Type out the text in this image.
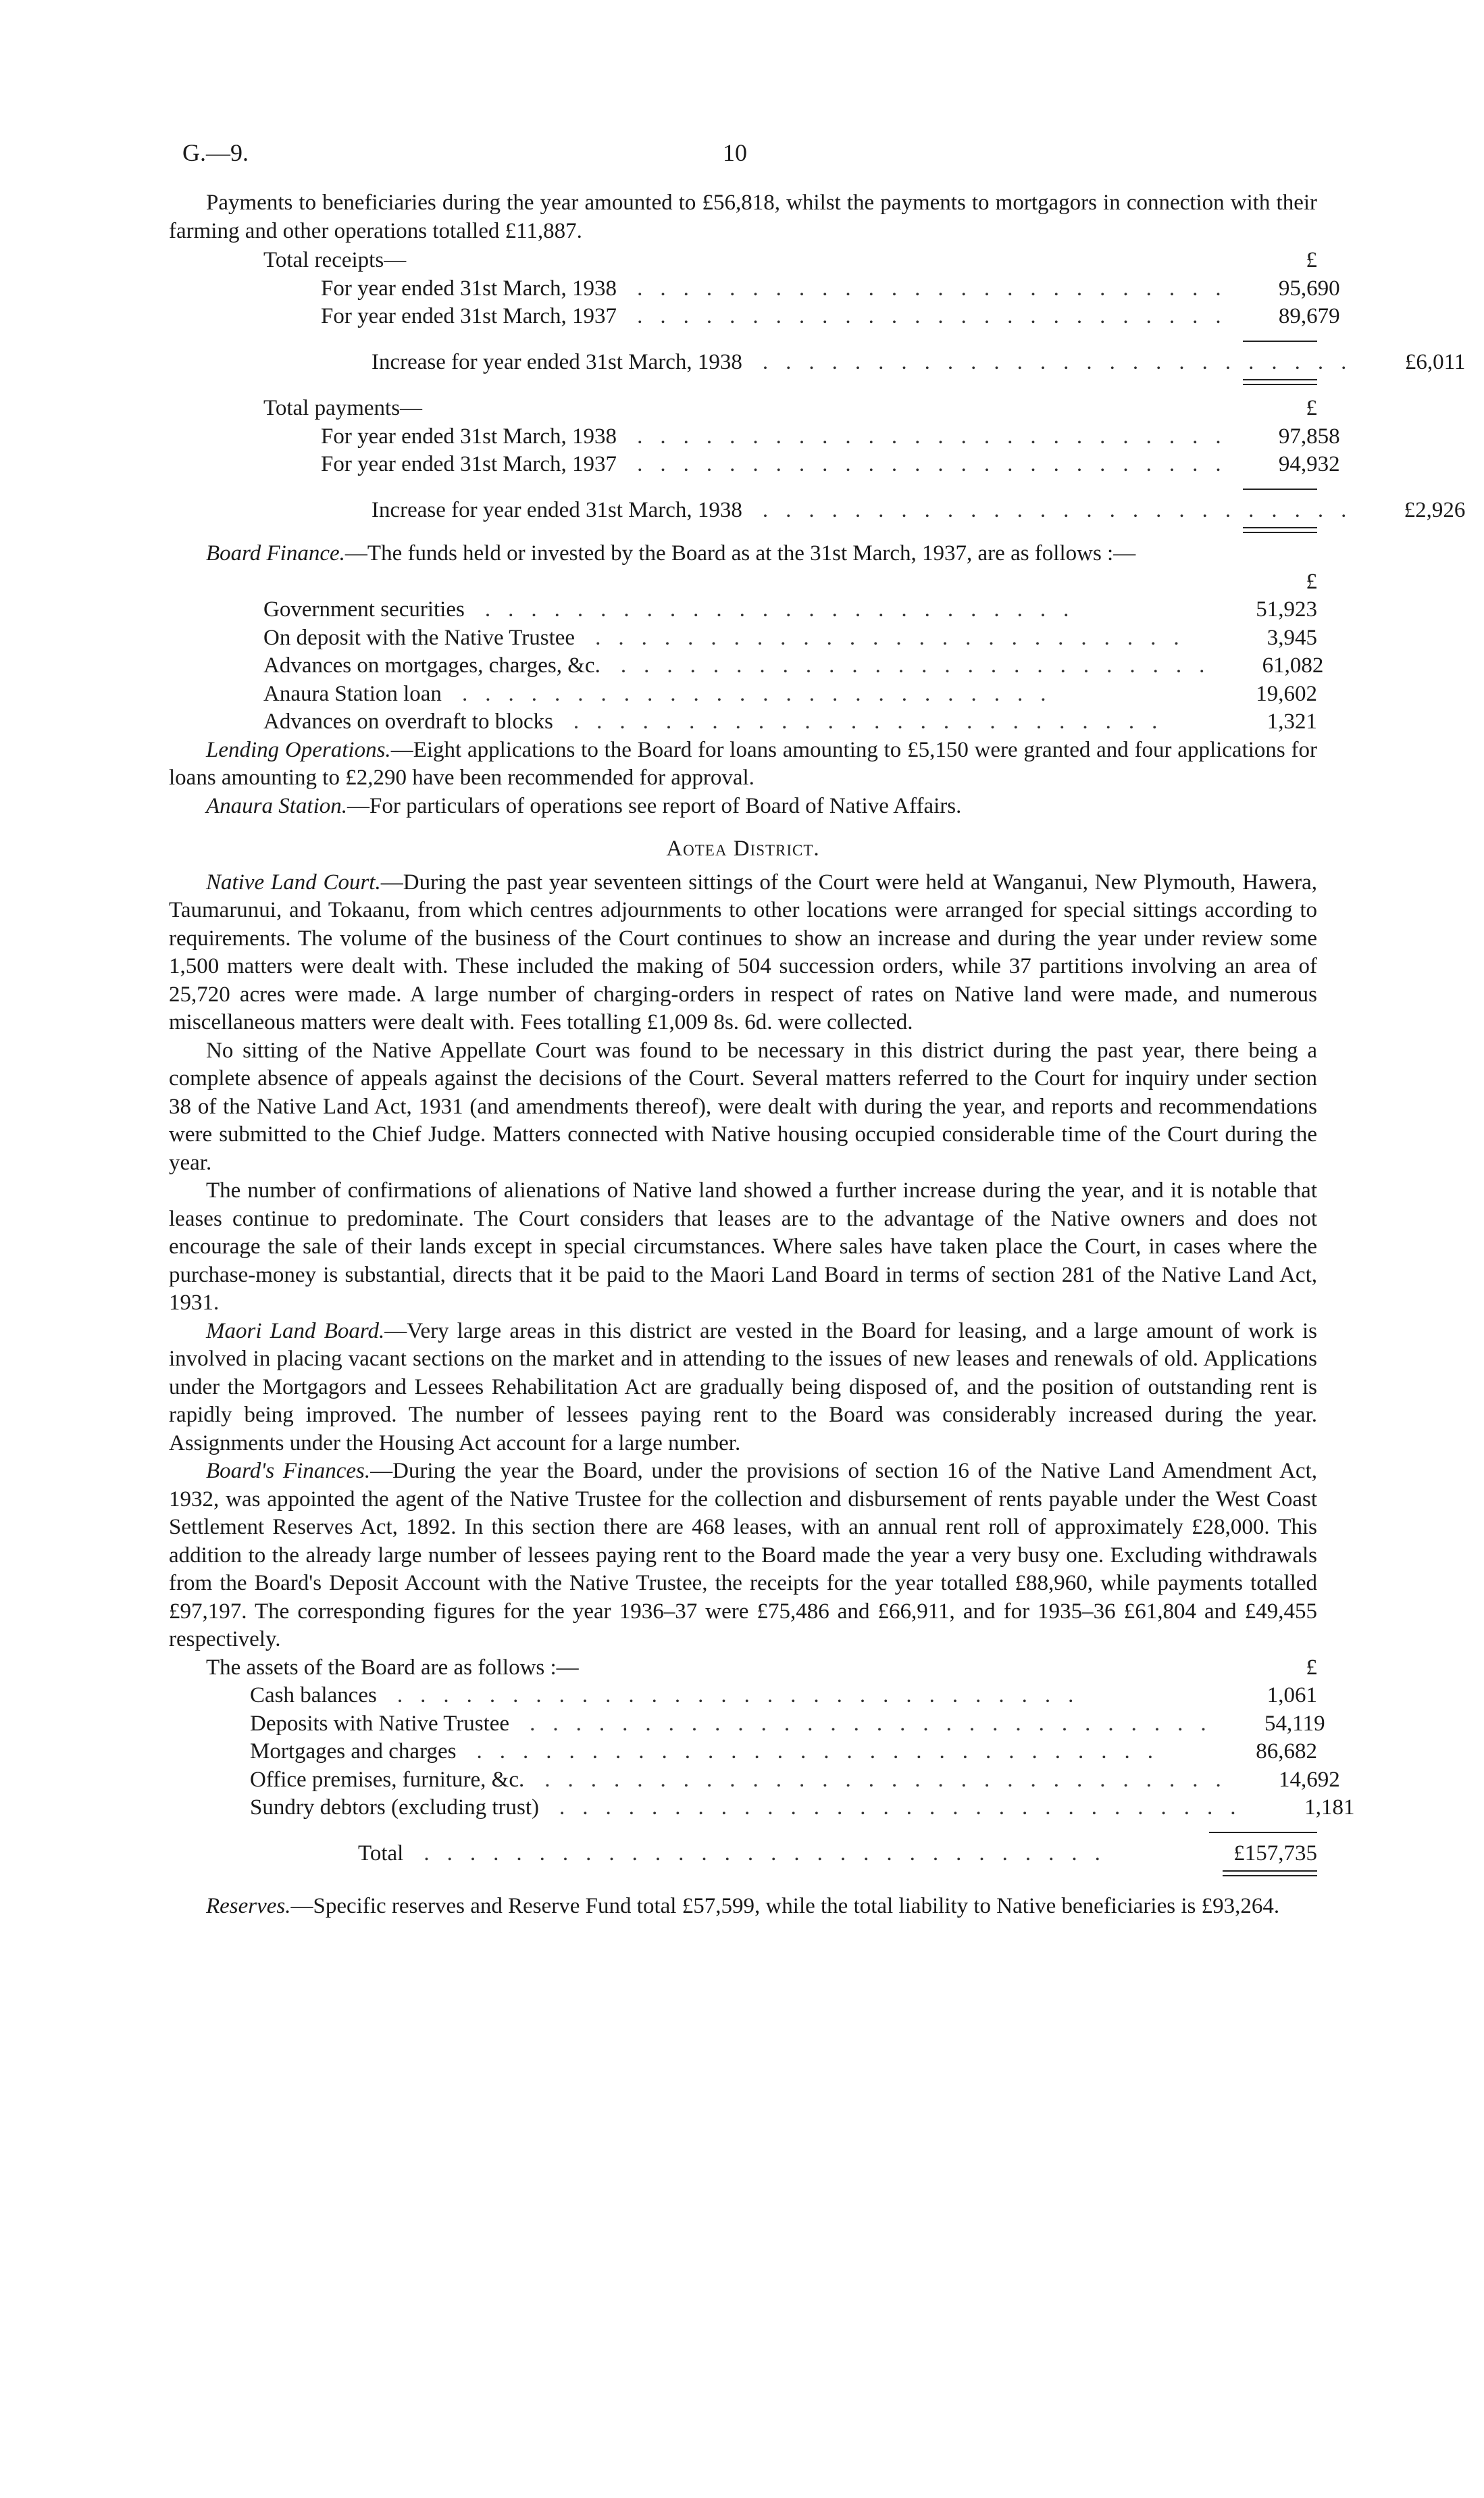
G.—9.	10

Payments to beneficiaries during the year amounted to £56,818, whilst the payments to mortgagors in connection with their farming and other operations totalled £11,887.

Total receipts—	£
For year ended 31st March, 1938 ..........................	95,690
For year ended 31st March, 1937 ..........................	89,679
Increase for year ended 31st March, 1938 ..........................	£6,011
Total payments—	£
For year ended 31st March, 1938 ..........................	97,858
For year ended 31st March, 1937 ..........................	94,932
Increase for year ended 31st March, 1938 ..........................	£2,926

Board Finance.—The funds held or invested by the Board as at the 31st March, 1937, are as follows :—

£
Government securities ..........................	51,923
On deposit with the Native Trustee ..........................	3,945
Advances on mortgages, charges, &c. ..........................	61,082
Anaura Station loan ..........................	19,602
Advances on overdraft to blocks ..........................	1,321

Lending Operations.—Eight applications to the Board for loans amounting to £5,150 were granted and four applications for loans amounting to £2,290 have been recommended for approval.

Anaura Station.—For particulars of operations see report of Board of Native Affairs.

Aotea District.

Native Land Court.—During the past year seventeen sittings of the Court were held at Wanganui, New Plymouth, Hawera, Taumarunui, and Tokaanu, from which centres adjournments to other locations were arranged for special sittings according to requirements. The volume of the business of the Court continues to show an increase and during the year under review some 1,500 matters were dealt with. These included the making of 504 succession orders, while 37 partitions involving an area of 25,720 acres were made. A large number of charging-orders in respect of rates on Native land were made, and numerous miscellaneous matters were dealt with. Fees totalling £1,009 8s. 6d. were collected.

No sitting of the Native Appellate Court was found to be necessary in this district during the past year, there being a complete absence of appeals against the decisions of the Court. Several matters referred to the Court for inquiry under section 38 of the Native Land Act, 1931 (and amendments thereof), were dealt with during the year, and reports and recommendations were submitted to the Chief Judge. Matters connected with Native housing occupied considerable time of the Court during the year.

The number of confirmations of alienations of Native land showed a further increase during the year, and it is notable that leases continue to predominate. The Court considers that leases are to the advantage of the Native owners and does not encourage the sale of their lands except in special circumstances. Where sales have taken place the Court, in cases where the purchase-money is substantial, directs that it be paid to the Maori Land Board in terms of section 281 of the Native Land Act, 1931.

Maori Land Board.—Very large areas in this district are vested in the Board for leasing, and a large amount of work is involved in placing vacant sections on the market and in attending to the issues of new leases and renewals of old. Applications under the Mortgagors and Lessees Rehabilitation Act are gradually being disposed of, and the position of outstanding rent is rapidly being improved. The number of lessees paying rent to the Board was considerably increased during the year. Assignments under the Housing Act account for a large number.

Board's Finances.—During the year the Board, under the provisions of section 16 of the Native Land Amendment Act, 1932, was appointed the agent of the Native Trustee for the collection and disbursement of rents payable under the West Coast Settlement Reserves Act, 1892. In this section there are 468 leases, with an annual rent roll of approximately £28,000. This addition to the already large number of lessees paying rent to the Board made the year a very busy one. Excluding withdrawals from the Board's Deposit Account with the Native Trustee, the receipts for the year totalled £88,960, while payments totalled £97,197. The corresponding figures for the year 1936–37 were £75,486 and £66,911, and for 1935–36 £61,804 and £49,455 respectively.

The assets of the Board are as follows :—	£
Cash balances ..............................	1,061
Deposits with Native Trustee ..............................	54,119
Mortgages and charges ..............................	86,682
Office premises, furniture, &c. ..............................	14,692
Sundry debtors (excluding trust) ..............................	1,181
Total ..............................	£157,735

Reserves.—Specific reserves and Reserve Fund total £57,599, while the total liability to Native beneficiaries is £93,264.
